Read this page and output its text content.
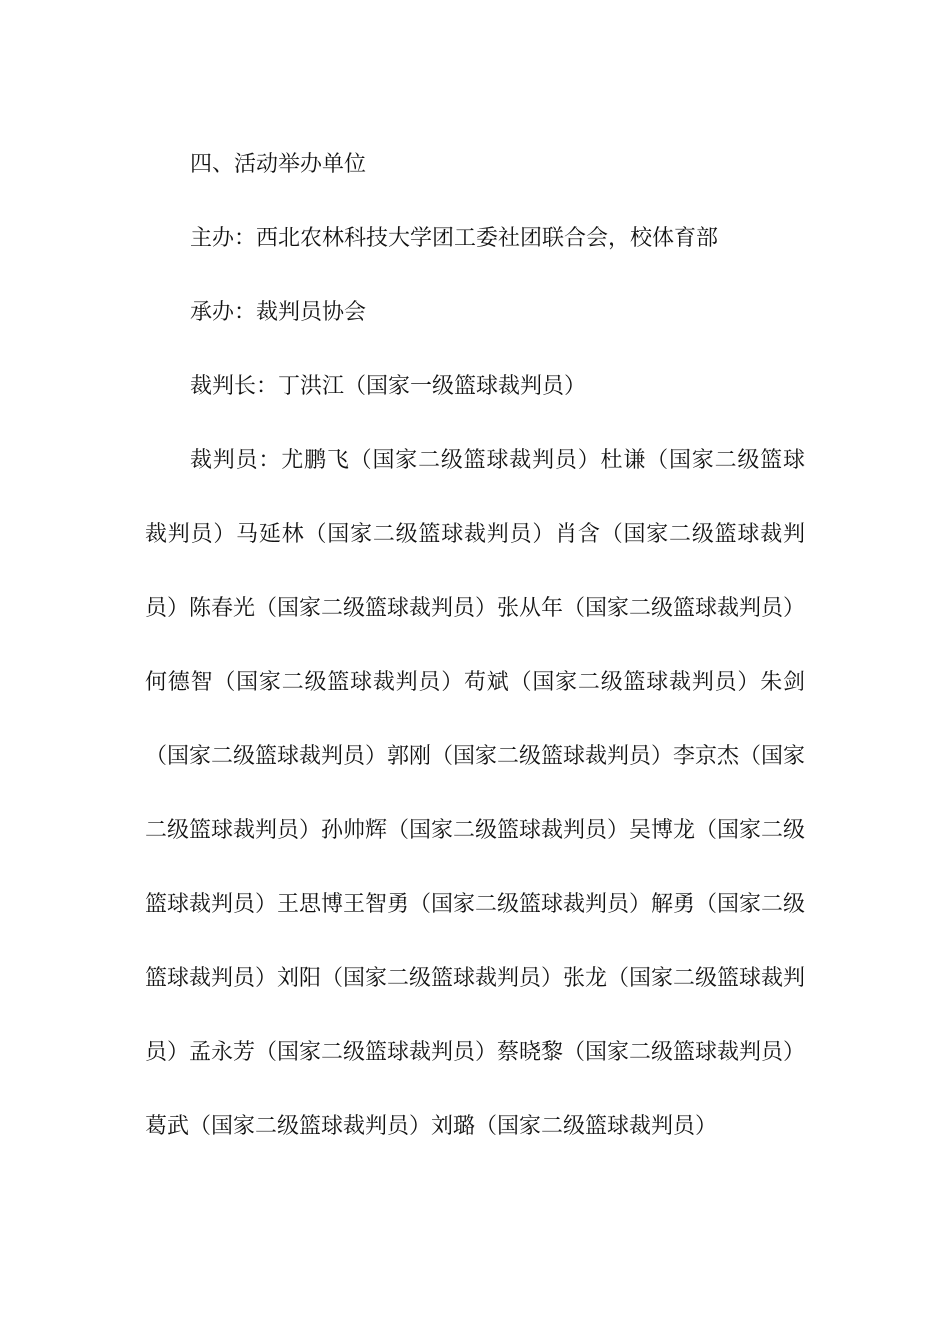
四、活动举办单位

主办：西北农林科技大学团工委社团联合会，校体育部

承办：裁判员协会

裁判长：丁洪江（国家一级篮球裁判员）

裁判员：尤鹏飞（国家二级篮球裁判员）杜谦（国家二级篮球裁判员）马延林（国家二级篮球裁判员）肖含（国家二级篮球裁判员）陈春光（国家二级篮球裁判员）张从年（国家二级篮球裁判员）何德智（国家二级篮球裁判员）苟斌（国家二级篮球裁判员）朱剑（国家二级篮球裁判员）郭刚（国家二级篮球裁判员）李京杰（国家二级篮球裁判员）孙帅辉（国家二级篮球裁判员）吴博龙（国家二级篮球裁判员）王思博王智勇（国家二级篮球裁判员）解勇（国家二级篮球裁判员）刘阳（国家二级篮球裁判员）张龙（国家二级篮球裁判员）孟永芳（国家二级篮球裁判员）蔡晓黎（国家二级篮球裁判员）葛武（国家二级篮球裁判员）刘璐（国家二级篮球裁判员）
